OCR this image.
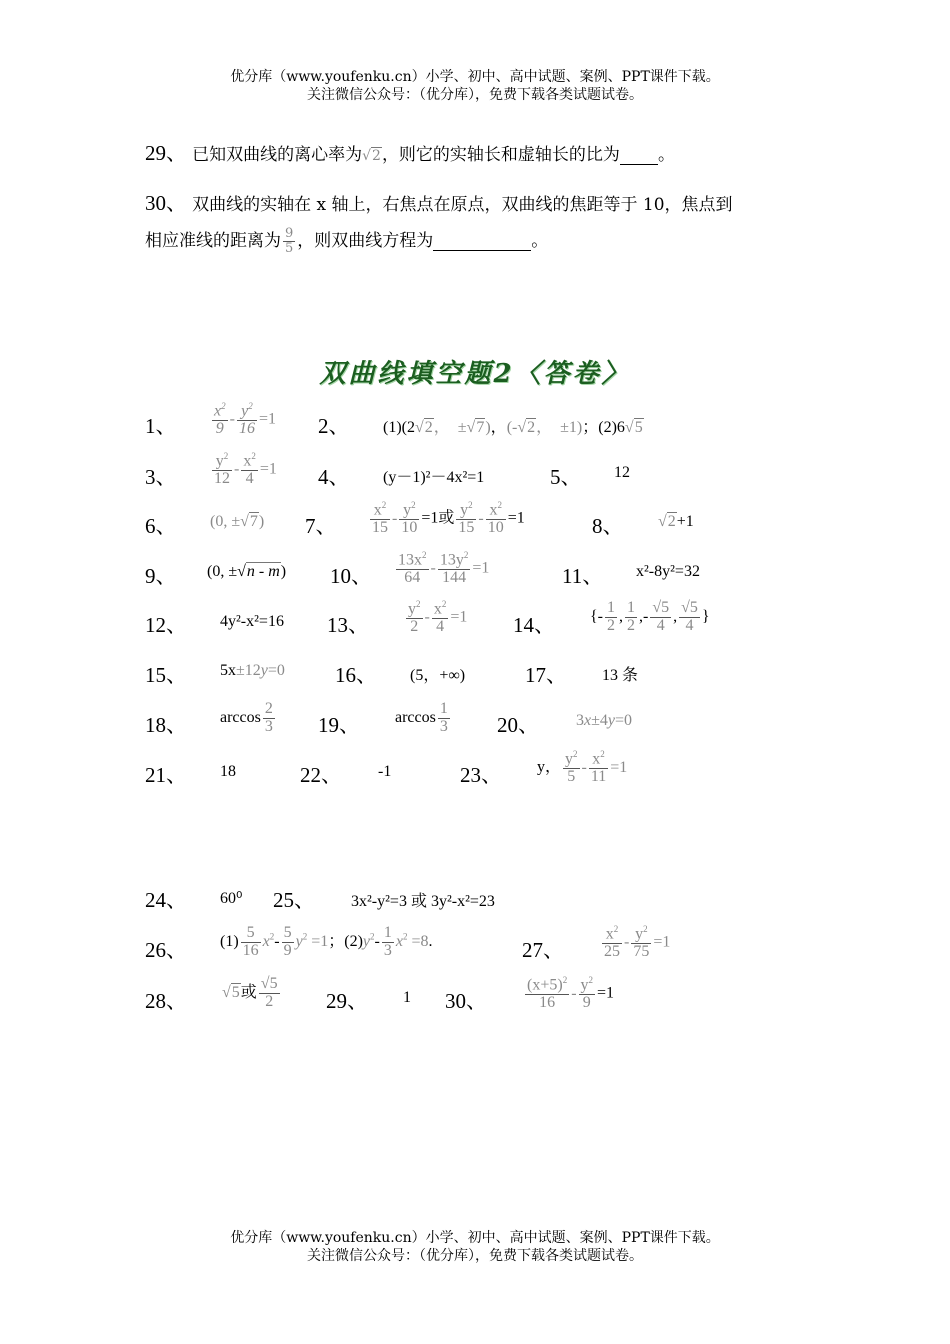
优分库（www.youfenku.cn）小学、初中、高中试题、案例、PPT课件下载。
关注微信公众号：（优分库），免费下载各类试题试卷。
29、 已知双曲线的离心率为√2，则它的实轴长和虚轴长的比为 。
30、 双曲线的实轴在 x 轴上，右焦点在原点，双曲线的焦距等于 10，焦点到
相应准线的距离为 $\frac{9}{5}$ ，则双曲线方程为	。
双曲线填空题2〈答卷〉
1、 $\frac{x^2}{9} - \frac{y^2}{16} =1$ 2、 (1)(2√2，  ±√7)，(-√2，  ±1)；(2)6√5
3、 $\frac{y^2}{12} - \frac{x^2}{4} =1$ 4、 (y－1)²－4x²=1	5、 12
6、 (0, ±√7) 7、 $\frac{x^2}{15} - \frac{y^2}{10} =1$或 $\frac{y^2}{15} - \frac{x^2}{10} =1$	8、 √2+1
9、 (0, ±√n - m) 10、 $\frac{13x^2}{64} - \frac{13y^2}{144} =1$	11、 x²-8y²=32
12、 4y²-x²=16 13、 $\frac{y^2}{2} - \frac{x^2}{4} =1$ 14、 {- $\frac{1}{2}$ , $\frac{1}{2}$ ,- $\frac{√5}{4}$ , $\frac{√5}{4}$ }
15、 5x±12y=0 16、 (5，+∞)	17、 13 条
18、 $\arccos \frac{2}{3} 19$、 $\arccos \frac{1}{3} 20$、 3x±4y=0
21、 18	22、 -1	23、 y， $\frac{y^2}{5} - \frac{x^2}{11} =1$
24、 60⁰ 25、 3x²-y²=3 或 3y²-x²=23
26、 $(1) \frac{5}{16} x^2- \frac{5}{9} y^2 =1$；$(2)y^2- \frac{1}{3} x^2 =8$.	27、 $\frac{x^2}{25} - \frac{y^2}{75} =1$
28、 √5或 $\frac{√5}{2} 29$、 1 30、 $\frac{(x+5)^2}{16} - \frac{y^2}{9} =1$
优分库（www.youfenku.cn）小学、初中、高中试题、案例、PPT课件下载。
关注微信公众号：（优分库），免费下载各类试题试卷。
